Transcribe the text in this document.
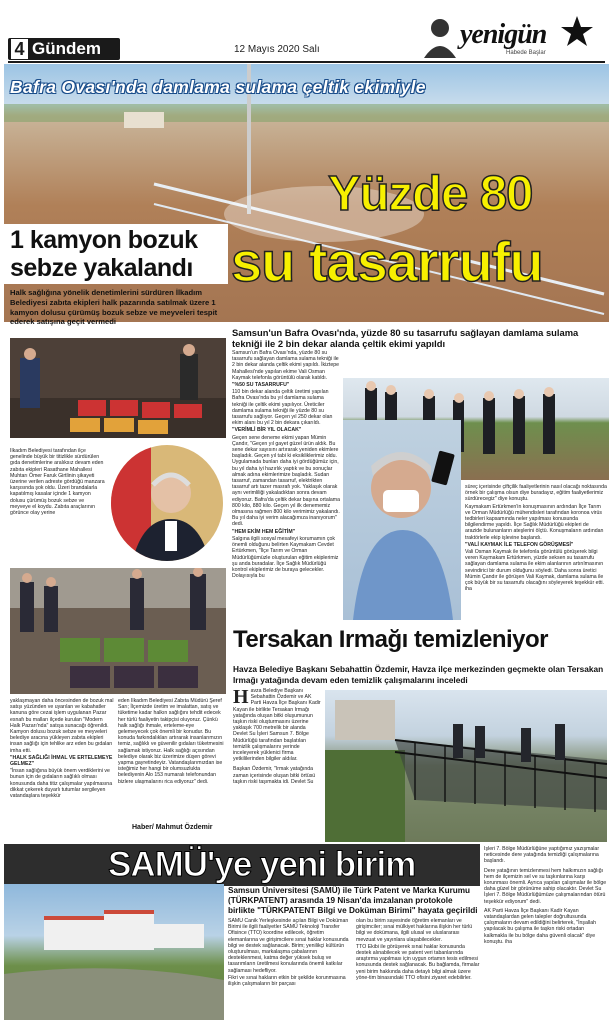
4 Gündem	12 Mayıs 2020 Salı	yenigün
Habede Başlar
Bafra Ovası'nda damlama sulama çeltik ekimiyle
Yüzde 80
su tasarrufu
Samsun'un Bafra Ovası'nda, yüzde 80 su tasarrufu sağlayan damlama sulama tekniği ile 2 bin dekar alanda çeltik ekimi yapıldı

Samsun'un Bafra Ovası'nda, yüzde 80 su tasarrufu sağlayan damlama sulama tekniği ile 2 bin dekar alanda çeltik ekimi yapıldı. İkiztepe Mahallesi'nde yapılan ekime Vali Osman Kaymak telefonla görüntülü olarak katıldı.

"%50 SU TASARRUFU"

110 bin dekar alanda çeltik üretimi yapılan Bafra Ovası'nda bu yıl damlama sulama tekniği ile çeltik ekimi yapılıyor. Üreticiler damlama sulama tekniği ile yüzde 80 su tasarrufu sağlıyor. Geçen yıl 250 dekar olan ekim alanı bu yıl 2 bin dekara çıkarıldı.

"VERİMLİ BİR YIL OLACAK"

Geçen sene deneme ekimi yapan Mümin Çandır, "Geçen yıl gayet güzel ürün aldık. Bu sene dekar sayısını artırarak yeniden ekimlere başladık. Geçen yıl tabi ki eksikliklerimiz oldu. Uygulamada bunları daha iyi gördüğümüz için, bu yıl daha iyi hazırlık yaptık ve bu sonuçlar almak adına ekimlerimize başladık. Sudan tasarruf, zamandan tasarruf, elektrikten tasarruf artı tazer masrafı yok. Yaklaşık olarak aynı verimliliği yakaladıktan sonra devam ediyoruz. Bafra'da çeltik dekar başına ortalama 800 kilo, 880 kilo. Geçen yıl ilk denememiz olmasına rağmen 800 kilo verimimiz yakalandı. Bu yıl daha iyi verim alacağımıza inanıyorum" dedi.

"HEM EKİM HEM EĞİTİM"

Salgına ilgili sosyal mesafeyi korumamın çok önemli olduğunu belirten Kaymakam Cevdet Ertürkmen, "İlçe Tarım ve Orman Müdürlüğümüzle oluşturulan eğitim ekiplerimiz şu anda buradalar. İlçe Sağlık Müdürlüğü kontrol ekiplerimiz de buraya gelecekler. Dolayısıyla bu

süreç içerisinde çiftçilik faaliyetlerinin nasıl olacağı noktasında örnek bir çalışma olsun diye buradayız, eğitim faaliyetlerimiz sürdürecegiz" diye konuştu.

Kaymakam Ertürkmen'in konuşmasının ardından İlçe Tarım ve Orman Müdürlüğü mühendisleri tarafından koronoa virüs tedbirleri kapsamında neler yapılması konusunda bilgilendirme yapıldı. İlçe Sağlık Müdürlüğü ekipleri de arazide bulunanların ateşlerini ölçtü. Konuşmaların ardından traktörlerle ekip işlevine başlandı.

"VALİ KAYMAK İLE TELEFON GÖRÜŞMESİ"

Vali Osman Kaymak ile telefonla görüntülü görüşerek bilgi veren Kaymakam Ertürkmen, yüzde seksen su tasarrufu sağlayan damlama sulama ile ekim alanlarının artırılmasının sevindirici bir durum olduğunu söyledi. Daha sonra üretici Mümin Çandır ile görüşen Vali Kaymak, damlama sulama ile çok büyük bir su tasarrufu olacağını söyleyerek teşekkür etti. iha

1 kamyon bozuk
sebze yakalandı
Halk sağlığına yönelik denetimlerini sürdüren İlkadım Belediyesi zabıta ekipleri halk pazarında satılmak üzere 1 kamyon dolusu çürümüş bozuk sebze ve meyveleri tespit ederek satışına geçit vermedi
İlkadım Belediyesi tarafından ilçe genelinde büyük bir titizlikle sürdürülen gıda denetimlerine aralıksız devam eden zabıta ekipleri Rasathane Mahallesi Muhtarı Ömer Faruk Girtlinin şikayeti üzerine verilen adreste gördüğü manzara karşısında şok oldu. Üzeri brandalarla kapatılmış kasalar içinde 1 kamyon dolusu çürümüş bozuk sebze ve meyveye el koydu. Zabıta araçlarının görünce olay yerine

yaklaşmayan daha öncesinden de bozuk mal satışı yüzünden ve uyarılan ve kabahatler kanuna göre cezai işlem uygulanan Pazar esnafı bu malları ilçede kurulan "Modern Halk Pazarı'nda" satışa sunacağı öğrenildi. Kamyon dolusu bozuk sebze ve meyveleri belediye aracına yükleyen zabıta ekipleri insan sağlığı için tehlike arz eden bu gıdaları imha etti.

"HALK SAĞLIĞI İHMAL VE ERTELEMEYE GELMEZ"

"İnsan sağlığına büyük önem verdiklerini ve bunun için de gıdaların sağlıklı olması konusunda daha titiz çalışmalar yapılmasına dikkat çekerek duyarlı tutumlar sergileyen vatandaşlara teşekkür

eden İlkadım Belediyesi Zabıta Müdürü Şeref Sarı; İlçemizde üretim ve imalattan, satış ve tüketime kadar halkın sağlığını tehdit edecek her türlü faaliyetin takipçisi oluyoruz. Çünkü halk sağlığı ihmale, erteleme-eye gelemeyecek çok önemli bir konudur. Bu konuda farkındalıkları artırarak insanlarımızın temiz, sağlıklı ve güvenilir gıdaları tüketmesini sağlamak istiyoruz. Halk sağlığı açısından belediye olarak biz üzerimize düşen görevi yapma gayretindeyiz. Vatandaşlarımızdan ise isteğimiz her hangi bir olumsuzlukta belediyenin Alo 153 numaralı telefonundan bizlere ulaşmalarını rica ediyoruz" dedi.
Haber/ Mahmut Özdemir
Tersakan Irmağı temizleniyor
Havza Belediye Başkanı Sebahattin Özdemir, Havza ilçe merkezinden geçmekte olan Tersakan Irmağı yatağında devam eden temizlik çalışmalarını inceledi

Havza Belediye Başkanı Sebahattin Özdemir ve AK Parti Havza İlçe Başkanı Kadir Kayan ile birlikte Tersakan Irmağı yatağında oluşan bitki oluşumunun taşkın riski oluşturmasını üzerine yaklaşık 700 metrelik bir alanda Devlet Su İşleri Samsun 7. Bölge Müdürlüğü tarafından başlatılan temizlik çalışmalarını yerinde inceleyerek yüklenici firma yetkililerinden bilgiler aldılar.

Başkan Özdemir, "Irmak yatağında zaman içerisinde oluşan bitki örtüsü taşkın riski taşımakta idi. Devlet Su

İşleri 7. Bölge Müdürlüğüne yaptığımız yazışmalar neticesinde dere yatağında temizliği çalışmalarına başlandı.

Dere yatağının temizlenmesi hem halkımızın sağlığı hem de ilçemizin sel ve su taşkınlarına karşı korunması önemli. Ayrıca yapılan çalışmalar ile bölge daha güzel bir görünüme sahip olacaktır. Devlet Su İşleri 7. Bölge Müdürlüğümüze çalışmalarından ötürü teşekkür ediyorum" dedi.

AK Parti Havza İlçe Başkanı Kadir Kayan vatandaşlardan gelen talepler doğrultusunda çalışmaların devam edildiğini belirterek, "İnşallah yapılacak bu çalışma ile taşkın riski ortadan kalkmakla ile bu bölge daha güvenli olacak" diye konuştu. iha

SAMÜ'ye yeni birim
Samsun Üniversitesi (SAMÜ) ile Türk Patent ve Marka Kurumu (TÜRKPATENT) arasında 19 Nisan'da imzalanan protokole birlikte "TÜRKPATENT Bilgi ve Doküman Birimi" hayata geçirildi

SAMÜ Canik Yerleşkesinde açılan Bilgi ve Doküman Birimi ile ilgili faaliyetler SAMÜ Teknoloji Transfer Ofisince (TTO) koordine edilecek, öğretim elemanlarına ve girişimcilere sınai haklar konusunda bilgi ve destek sağlanacak. Birim; yenilikçi kültürün oluşturulması, markalaşma çabalarının desteklenmesi, katma değer yüksek buluş ve tasarımların üretilmesi konularında önemli katkılar sağlaması hedefliyor.

Fikri ve sınai hakların etkin bir şekilde korunmasına ilişkin çalışmaların bir parçası

olan bu birim sayesinde öğretim elemanları ve girişimciler; sınai mülkiyet haklarına ilişkin her türlü bilgi ve dokümana, ilgili ulusal ve uluslararası mevzuat ve yayınlara ulaşabilecekler.

TTO Ekibi ile görüşerek sınai haklar konusunda destek alınabilecek ve patent veri tabanlarında araştırma yapılması için uygun ortamın tesis edilmesi konusunda destek sağlanacak. Bu bağlamda, firmalar yeni birim hakkında daha detaylı bilgi almak üzere yöne-tim binasındaki TTO ofisini ziyaret edebilirler.
